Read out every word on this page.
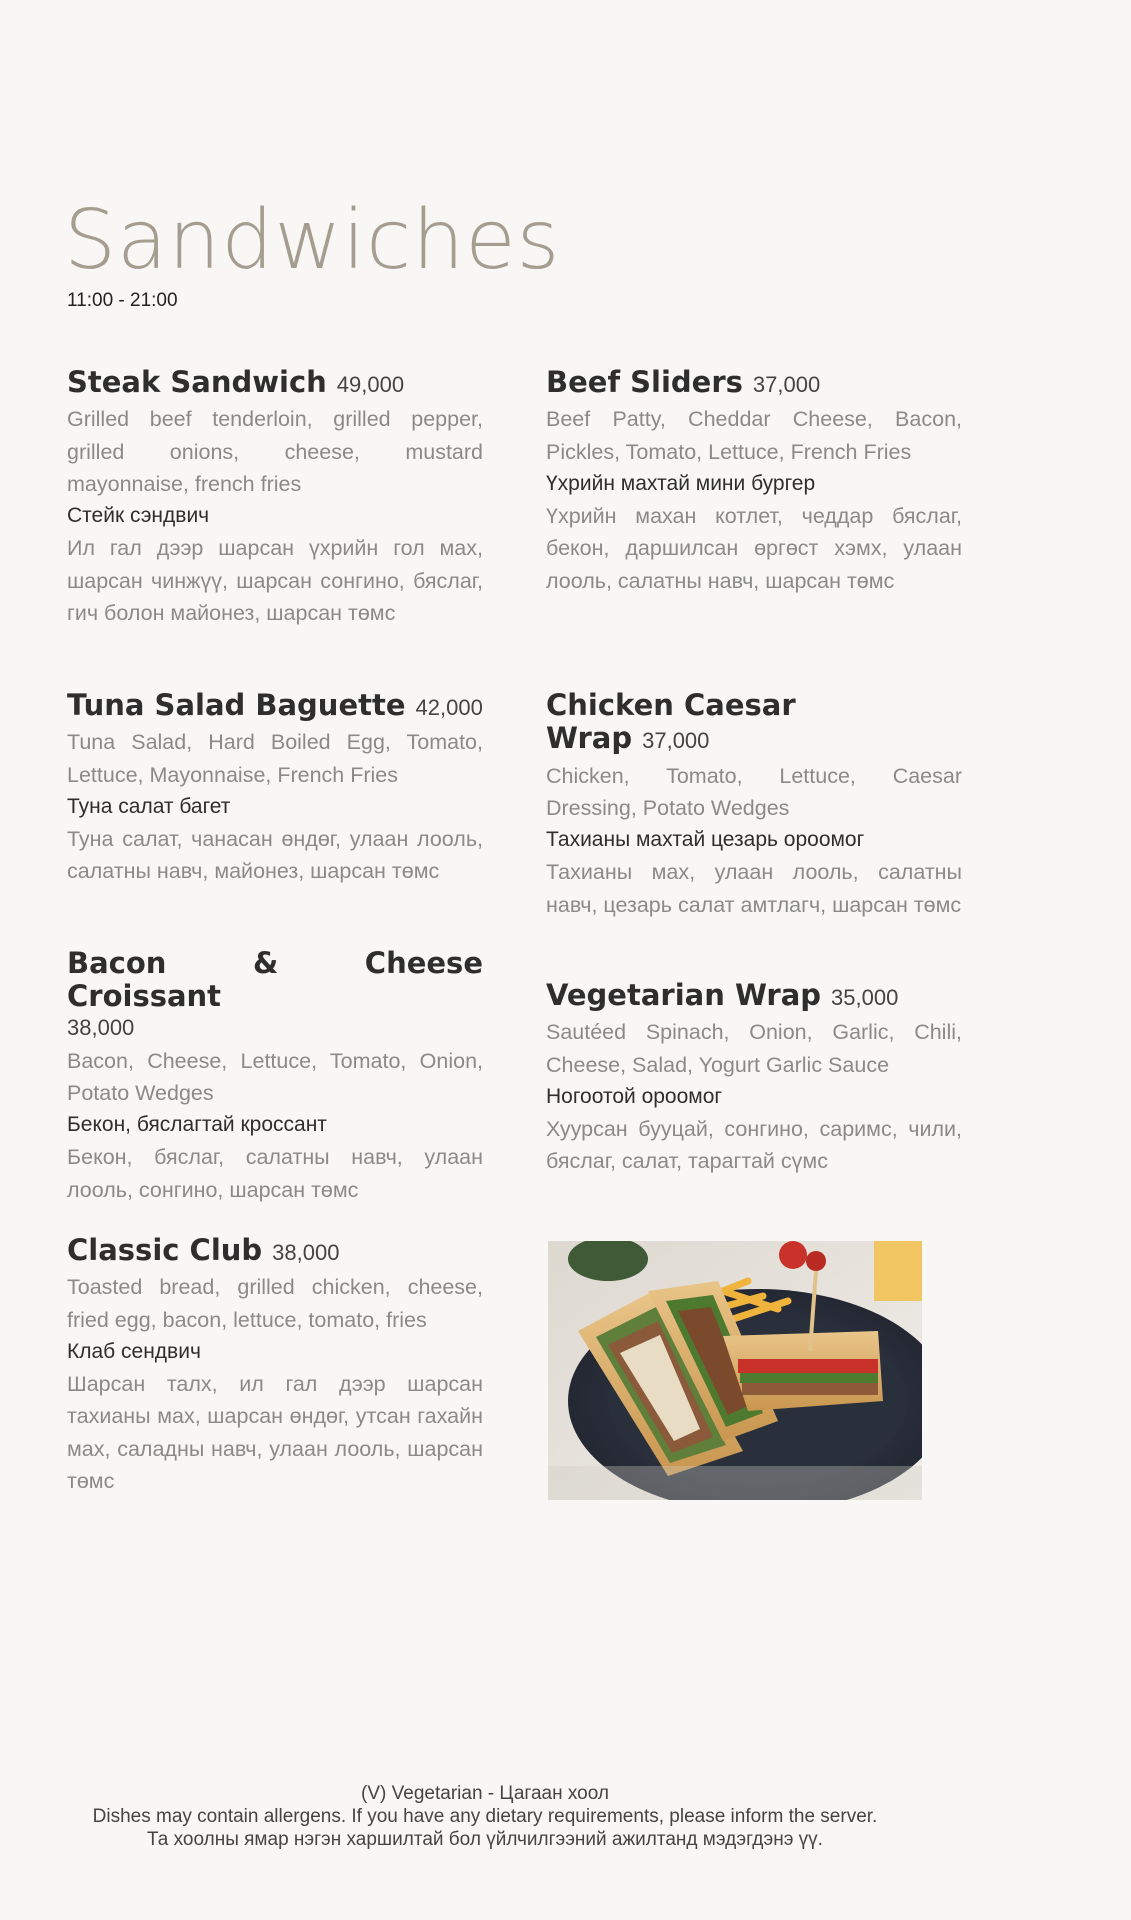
Sandwiches
11:00 - 21:00
Steak Sandwich 49,000

Grilled beef tenderloin, grilled pepper, grilled onions, cheese, mustard mayonnaise, french fries

Стейк сэндвич

Ил гал дээр шарсан үхрийн гол мах, шарсан чинжүү, шарсан сонгино, бяслаг, гич болон майонез, шарсан төмс

Beef Sliders 37,000

Beef Patty, Cheddar Cheese, Bacon, Pickles, Tomato, Lettuce, French Fries

Үхрийн махтай мини бургер

Үхрийн махан котлет, чеддар бяслаг, бекон, даршилсан өргөст хэмх, улаан лооль, салатны навч, шарсан төмс

Tuna Salad Baguette 42,000

Tuna Salad, Hard Boiled Egg, Tomato, Lettuce, Mayonnaise, French Fries

Туна салат багет

Туна салат, чанасан өндөг, улаан лооль, салатны навч, майонез, шарсан төмс

Chicken Caesar Wrap 37,000

Chicken, Tomato, Lettuce, Caesar Dressing, Potato Wedges

Тахианы махтай цезарь ороомог

Тахианы мах, улаан лооль, салатны навч, цезарь салат амтлагч, шарсан төмс

Bacon & Cheese Croissant
38,000

Bacon, Cheese, Lettuce, Tomato, Onion, Potato Wedges

Бекон, бяслагтай кроссант

Бекон, бяслаг, салатны навч, улаан лооль, сонгино, шарсан төмс

Vegetarian Wrap 35,000

Sautéed Spinach, Onion, Garlic, Chili, Cheese, Salad, Yogurt Garlic Sauce

Ногоотой ороомог

Хуурсан бууцай, сонгино, саримс, чили, бяслаг, салат, тарагтай сүмс

Classic Club 38,000

Toasted bread, grilled chicken, cheese, fried egg, bacon, lettuce, tomato, fries

Клаб сендвич

Шарсан талх, ил гал дээр шарсан тахианы мах, шарсан өндөг, утсан гахайн мах, саладны навч, улаан лооль, шарсан төмс

(V) Vegetarian - Цагаан хоол
Dishes may contain allergens. If you have any dietary requirements, please inform the server.
Та хоолны ямар нэгэн харшилтай бол үйлчилгээний ажилтанд мэдэгдэнэ үү.
